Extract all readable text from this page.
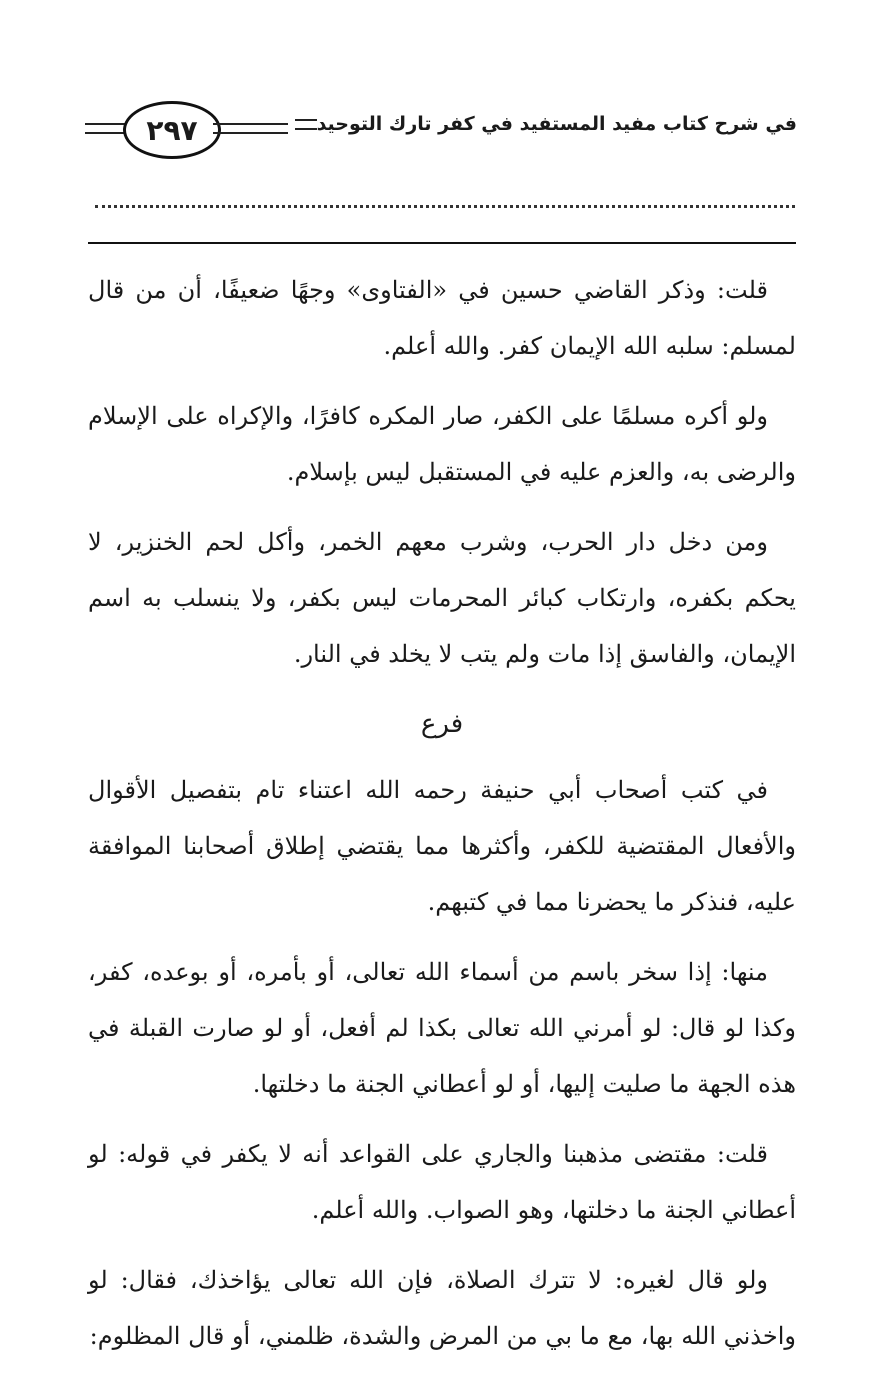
٢٩٧	في شرح كتاب مفيد المستفيد في كفر تارك التوحيد

قلت: وذكر القاضي حسين في «الفتاوى» وجهًا ضعيفًا، أن من قال لمسلم: سلبه الله الإيمان كفر. والله أعلم.

ولو أكره مسلمًا على الكفر، صار المكره كافرًا، والإكراه على الإسلام والرضى به، والعزم عليه في المستقبل ليس بإسلام.

ومن دخل دار الحرب، وشرب معهم الخمر، وأكل لحم الخنزير، لا يحكم بكفره، وارتكاب كبائر المحرمات ليس بكفر، ولا ينسلب به اسم الإيمان، والفاسق إذا مات ولم يتب لا يخلد في النار.

فرع

في كتب أصحاب أبي حنيفة رحمه الله اعتناء تام بتفصيل الأقوال والأفعال المقتضية للكفر، وأكثرها مما يقتضي إطلاق أصحابنا الموافقة عليه، فنذكر ما يحضرنا مما في كتبهم.

منها: إذا سخر باسم من أسماء الله تعالى، أو بأمره، أو بوعده، كفر، وكذا لو قال: لو أمرني الله تعالى بكذا لم أفعل، أو لو صارت القبلة في هذه الجهة ما صليت إليها، أو لو أعطاني الجنة ما دخلتها.

قلت: مقتضى مذهبنا والجاري على القواعد أنه لا يكفر في قوله: لو أعطاني الجنة ما دخلتها، وهو الصواب. والله أعلم.

ولو قال لغيره: لا تترك الصلاة، فإن الله تعالى يؤاخذك، فقال: لو واخذني الله بها، مع ما بي من المرض والشدة، ظلمني، أو قال المظلوم:
